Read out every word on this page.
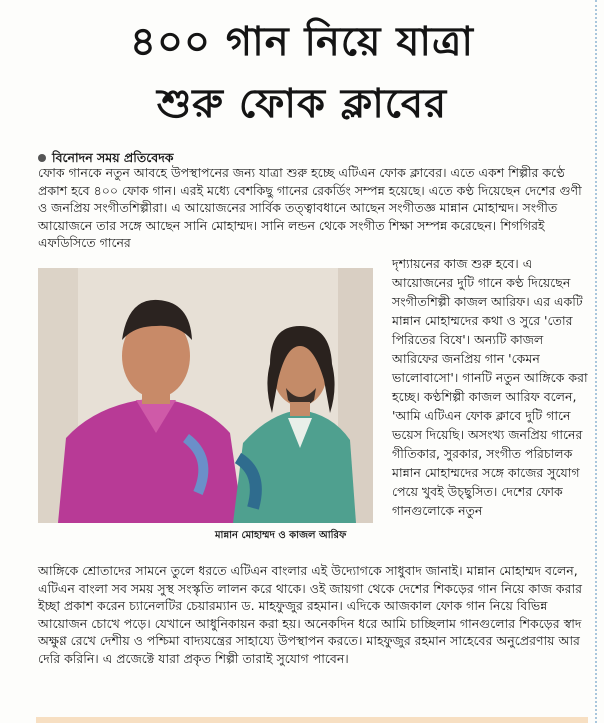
৪০০ গান নিয়ে যাত্রা
শুরু ফোক ক্লাবের
বিনোদন সময় প্রতিবেদক
ফোক গানকে নতুন আবহে উপস্থাপনের জন্য যাত্রা শুরু হচ্ছে এটিএন ফোক ক্লাবের। এতে একশ শিল্পীর কণ্ঠে প্রকাশ হবে ৪০০ ফোক গান। এরই মধ্যে বেশকিছু গানের রেকর্ডিং সম্পন্ন হয়েছে। এতে কণ্ঠ দিয়েছেন দেশের গুণী ও জনপ্রিয় সংগীতশিল্পীরা। এ আয়োজনের সার্বিক তত্ত্বাবধানে আছেন সংগীতজ্ঞ মান্নান মোহাম্মদ। সংগীত আয়োজনে তার সঙ্গে আছেন সানি মোহাম্মদ। সানি লন্ডন থেকে সংগীত শিক্ষা সম্পন্ন করেছেন। শিগগিরই এফডিসিতে গানের
মান্নান মোহাম্মদ ও কাজল আরিফ
দৃশ্যায়নের কাজ শুরু হবে। এ আয়োজনের দুটি গানে কণ্ঠ দিয়েছেন সংগীতশিল্পী কাজল আরিফ। এর একটি মান্নান মোহাম্মদের কথা ও সুরে 'তোর পিরিতের বিষে'। অন্যটি কাজল আরিফের জনপ্রিয় গান 'কেমন ভালোবাসো'। গানটি নতুন আঙ্গিকে করা হচ্ছে। কণ্ঠশিল্পী কাজল আরিফ বলেন, 'আমি এটিএন ফোক ক্লাবে দুটি গানে ভয়েস দিয়েছি। অসংখ্য জনপ্রিয় গানের গীতিকার, সুরকার, সংগীত পরিচালক মান্নান মোহাম্মদের সঙ্গে কাজের সুযোগ পেয়ে খুবই উচ্ছ্বসিত। দেশের ফোক গানগুলোকে নতুন
আঙ্গিকে শ্রোতাদের সামনে তুলে ধরতে এটিএন বাংলার এই উদ্যোগকে সাধুবাদ জানাই। মান্নান মোহাম্মদ বলেন, এটিএন বাংলা সব সময় সুস্থ সংস্কৃতি লালন করে থাকে। ওই জায়গা থেকে দেশের শিকড়ের গান নিয়ে কাজ করার ইচ্ছা প্রকাশ করেন চ্যানেলটির চেয়ারম্যান ড. মাহফুজুর রহমান। এদিকে আজকাল ফোক গান নিয়ে বিভিন্ন আয়োজন চোখে পড়ে। যেখানে আধুনিকায়ন করা হয়। অনেকদিন ধরে আমি চাচ্ছিলাম গানগুলোর শিকড়ের স্বাদ অক্ষুণ্ণ রেখে দেশীয় ও পশ্চিমা বাদ্যযন্ত্রের সাহায্যে উপস্থাপন করতে। মাহফুজুর রহমান সাহেবের অনুপ্রেরণায় আর দেরি করিনি। এ প্রজেক্টে যারা প্রকৃত শিল্পী তারাই সুযোগ পাবেন।
